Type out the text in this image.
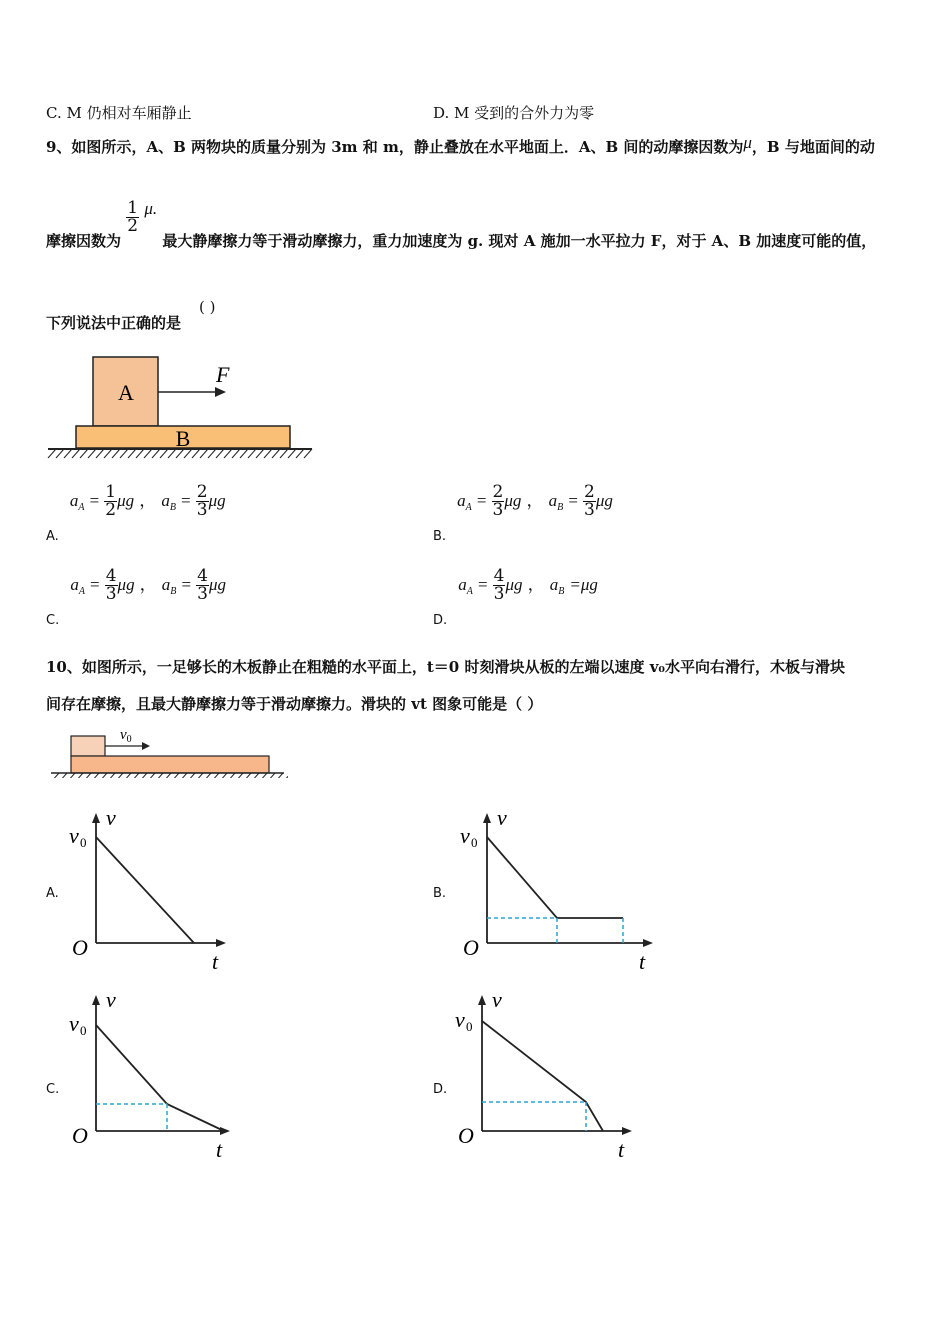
C. M 仍相对车厢静止	D. M 受到的合外力为零
9、如图所示，A、B 两物块的质量分别为 3m 和 m，静止叠放在水平地面上．A、B 间的动摩擦因数为μ，B 与地面间的动
摩擦因数为
$\frac{1}{2} \mu$. 最大静摩擦力等于滑动摩擦力，重力加速度为 g. 现对 A 施加一水平拉力 F，对于 A、B 加速度可能的值，
下列说法中正确的是
( )
A
B
F
$_{A.}$ $a_A = \frac{1}{2}$ μg ， $a_B = \frac{2}{3}$ μg
$_{B.}$ $a_A = \frac{2}{3}$ μg ， $a_B = \frac{2}{3}$ μg
$_{C.}$ $a_A = \frac{4}{3}$ μg ， $a_B = \frac{4}{3}$ μg
$_{D.}$ $a_A = \frac{4}{3}$ μg ， $a_B =\mu g$
10、如图所示，一足够长的木板静止在粗糙的水平面上，t＝0 时刻滑块从板的左端以速度 v₀水平向右滑行，木板与滑块
间存在摩擦，且最大静摩擦力等于滑动摩擦力。滑块的 vt 图象可能是（ ）
$v_0$
A.	B.
C.	D.
v
t
O
v 0
v
t
O
v 0
v
t
O
v 0
v
t
O
v 0
